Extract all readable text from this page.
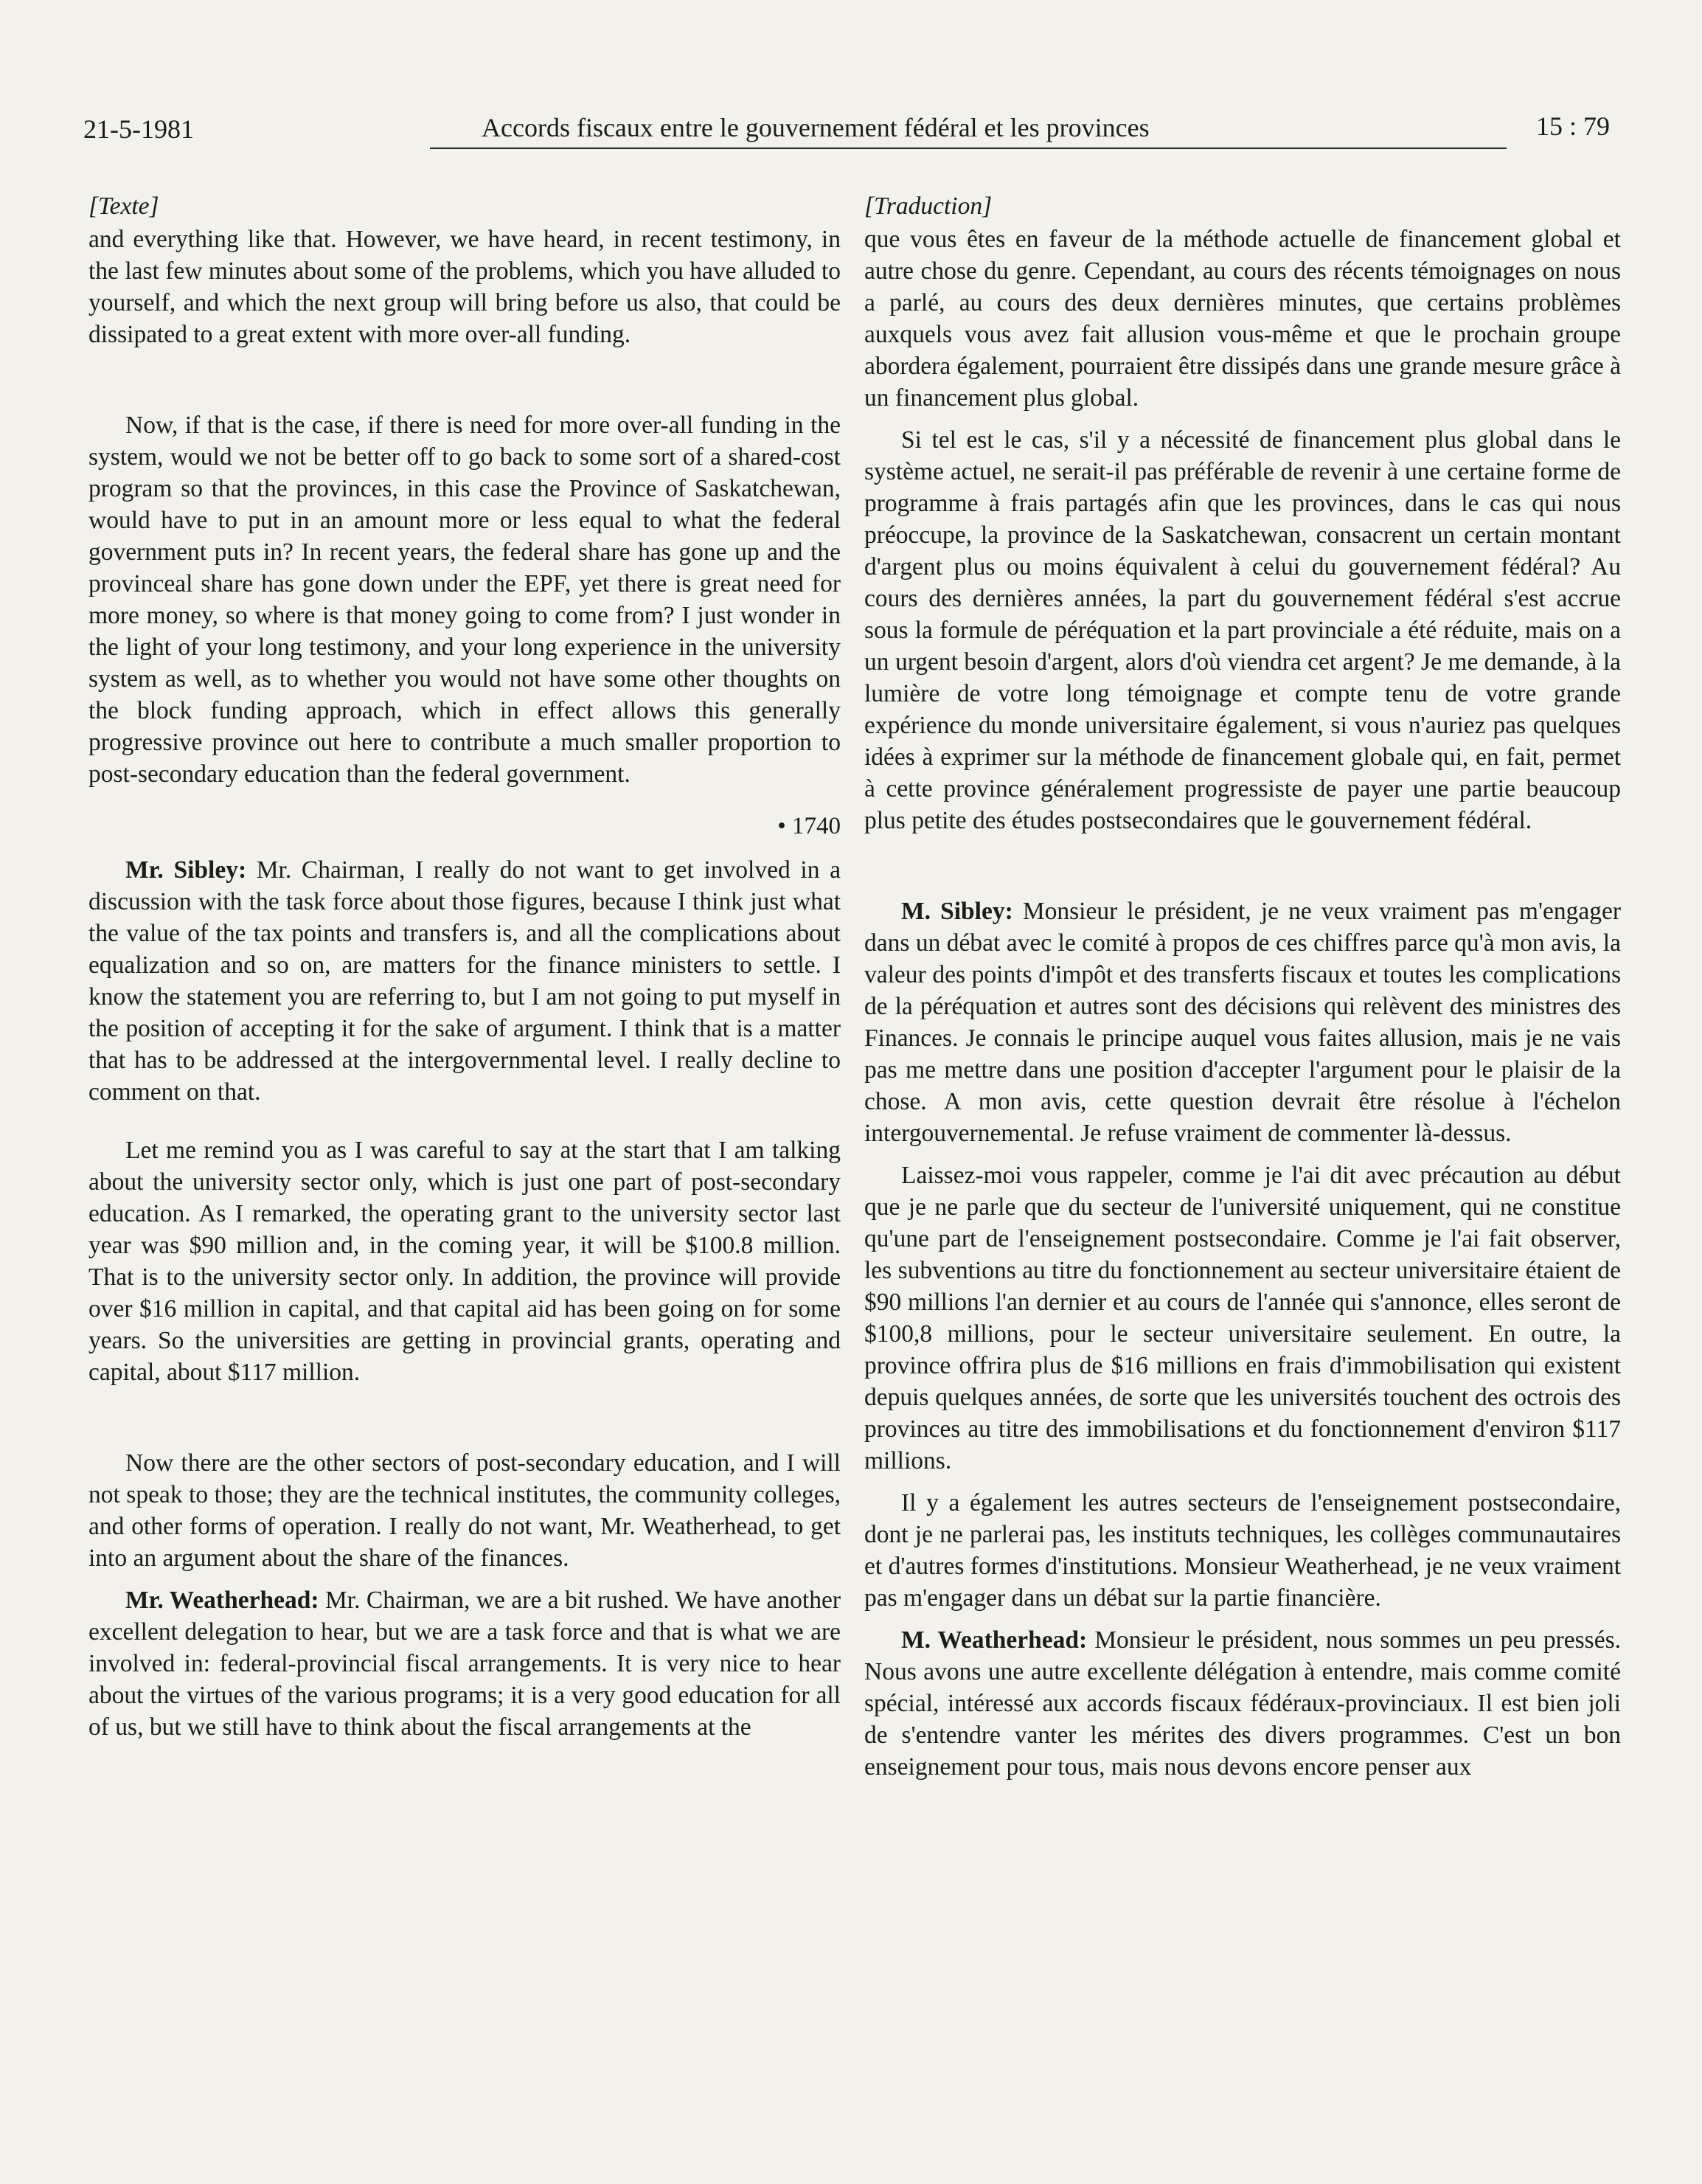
21-5-1981	Accords fiscaux entre le gouvernement fédéral et les provinces	15 : 79
[Texte]

and everything like that. However, we have heard, in recent testimony, in the last few minutes about some of the problems, which you have alluded to yourself, and which the next group will bring before us also, that could be dissipated to a great extent with more over-all funding.

Now, if that is the case, if there is need for more over-all funding in the system, would we not be better off to go back to some sort of a shared-cost program so that the provinces, in this case the Province of Saskatchewan, would have to put in an amount more or less equal to what the federal government puts in? In recent years, the federal share has gone up and the provinceal share has gone down under the EPF, yet there is great need for more money, so where is that money going to come from? I just wonder in the light of your long testimony, and your long experience in the university system as well, as to whether you would not have some other thoughts on the block funding approach, which in effect allows this generally progressive province out here to contribute a much smaller proportion to post-secondary education than the federal government.

• 1740

Mr. Sibley: Mr. Chairman, I really do not want to get involved in a discussion with the task force about those figures, because I think just what the value of the tax points and transfers is, and all the complications about equalization and so on, are matters for the finance ministers to settle. I know the statement you are referring to, but I am not going to put myself in the position of accepting it for the sake of argument. I think that is a matter that has to be addressed at the intergovernmental level. I really decline to comment on that.

Let me remind you as I was careful to say at the start that I am talking about the university sector only, which is just one part of post-secondary education. As I remarked, the operating grant to the university sector last year was $90 million and, in the coming year, it will be $100.8 million. That is to the university sector only. In addition, the province will provide over $16 million in capital, and that capital aid has been going on for some years. So the universities are getting in provincial grants, operating and capital, about $117 million.

Now there are the other sectors of post-secondary education, and I will not speak to those; they are the technical institutes, the community colleges, and other forms of operation. I really do not want, Mr. Weatherhead, to get into an argument about the share of the finances.

Mr. Weatherhead: Mr. Chairman, we are a bit rushed. We have another excellent delegation to hear, but we are a task force and that is what we are involved in: federal-provincial fiscal arrangements. It is very nice to hear about the virtues of the various programs; it is a very good education for all of us, but we still have to think about the fiscal arrangements at the

[Traduction]

que vous êtes en faveur de la méthode actuelle de financement global et autre chose du genre. Cependant, au cours des récents témoignages on nous a parlé, au cours des deux dernières minutes, que certains problèmes auxquels vous avez fait allusion vous-même et que le prochain groupe abordera également, pourraient être dissipés dans une grande mesure grâce à un financement plus global.

Si tel est le cas, s'il y a nécessité de financement plus global dans le système actuel, ne serait-il pas préférable de revenir à une certaine forme de programme à frais partagés afin que les provinces, dans le cas qui nous préoccupe, la province de la Saskatchewan, consacrent un certain montant d'argent plus ou moins équivalent à celui du gouvernement fédéral? Au cours des dernières années, la part du gouvernement fédéral s'est accrue sous la formule de péréquation et la part provinciale a été réduite, mais on a un urgent besoin d'argent, alors d'où viendra cet argent? Je me demande, à la lumière de votre long témoignage et compte tenu de votre grande expérience du monde universitaire également, si vous n'auriez pas quelques idées à exprimer sur la méthode de financement globale qui, en fait, permet à cette province généralement progressiste de payer une partie beaucoup plus petite des études postsecondaires que le gouvernement fédéral.

M. Sibley: Monsieur le président, je ne veux vraiment pas m'engager dans un débat avec le comité à propos de ces chiffres parce qu'à mon avis, la valeur des points d'impôt et des transferts fiscaux et toutes les complications de la péréquation et autres sont des décisions qui relèvent des ministres des Finances. Je connais le principe auquel vous faites allusion, mais je ne vais pas me mettre dans une position d'accepter l'argument pour le plaisir de la chose. A mon avis, cette question devrait être résolue à l'échelon intergouvernemental. Je refuse vraiment de commenter là-dessus.

Laissez-moi vous rappeler, comme je l'ai dit avec précaution au début que je ne parle que du secteur de l'université uniquement, qui ne constitue qu'une part de l'enseignement postsecondaire. Comme je l'ai fait observer, les subventions au titre du fonctionnement au secteur universitaire étaient de $90 millions l'an dernier et au cours de l'année qui s'annonce, elles seront de $100,8 millions, pour le secteur universitaire seulement. En outre, la province offrira plus de $16 millions en frais d'immobilisation qui existent depuis quelques années, de sorte que les universités touchent des octrois des provinces au titre des immobilisations et du fonctionnement d'environ $117 millions.

Il y a également les autres secteurs de l'enseignement postsecondaire, dont je ne parlerai pas, les instituts techniques, les collèges communautaires et d'autres formes d'institutions. Monsieur Weatherhead, je ne veux vraiment pas m'engager dans un débat sur la partie financière.

M. Weatherhead: Monsieur le président, nous sommes un peu pressés. Nous avons une autre excellente délégation à entendre, mais comme comité spécial, intéressé aux accords fiscaux fédéraux-provinciaux. Il est bien joli de s'entendre vanter les mérites des divers programmes. C'est un bon enseignement pour tous, mais nous devons encore penser aux
